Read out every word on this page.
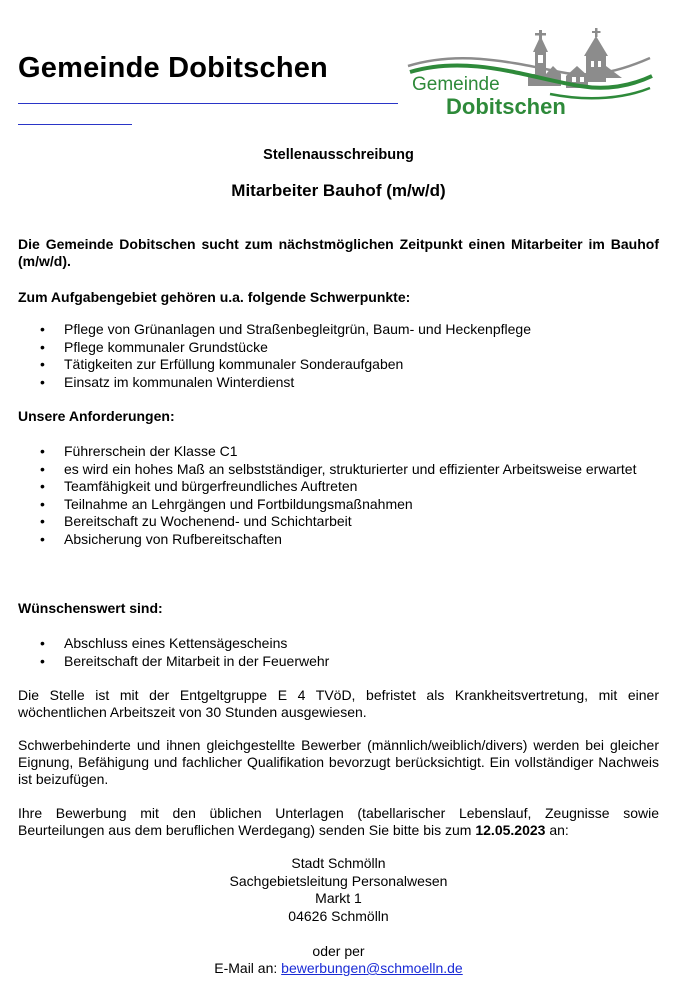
Gemeinde Dobitschen
Gemeinde
Dobitschen
Stellenausschreibung
Mitarbeiter Bauhof (m/w/d)
Die Gemeinde Dobitschen sucht zum nächstmöglichen Zeitpunkt einen Mitarbeiter im Bauhof (m/w/d).
Zum Aufgabengebiet gehören u.a. folgende Schwerpunkte:
• Pflege von Grünanlagen und Straßenbegleitgrün, Baum- und Heckenpflege
• Pflege kommunaler Grundstücke
• Tätigkeiten zur Erfüllung kommunaler Sonderaufgaben
• Einsatz im kommunalen Winterdienst
Unsere Anforderungen:
• Führerschein der Klasse C1
• es wird ein hohes Maß an selbstständiger, strukturierter und effizienter Arbeitsweise erwartet
• Teamfähigkeit und bürgerfreundliches Auftreten
• Teilnahme an Lehrgängen und Fortbildungsmaßnahmen
• Bereitschaft zu Wochenend- und Schichtarbeit
• Absicherung von Rufbereitschaften
Wünschenswert sind:
• Abschluss eines Kettensägescheins
• Bereitschaft der Mitarbeit in der Feuerwehr
Die Stelle ist mit der Entgeltgruppe E 4 TVöD, befristet als Krankheitsvertretung, mit einer wöchentlichen Arbeitszeit von 30 Stunden ausgewiesen.
Schwerbehinderte und ihnen gleichgestellte Bewerber (männlich/weiblich/divers) werden bei gleicher Eignung, Befähigung und fachlicher Qualifikation bevorzugt berücksichtigt. Ein vollständiger Nachweis ist beizufügen.
Ihre Bewerbung mit den üblichen Unterlagen (tabellarischer Lebenslauf, Zeugnisse sowie Beurteilungen aus dem beruflichen Werdegang) senden Sie bitte bis zum 12.05.2023 an:
Stadt Schmölln
Sachgebietsleitung Personalwesen
Markt 1
04626 Schmölln
oder per
E-Mail an: bewerbungen@schmoelln.de
